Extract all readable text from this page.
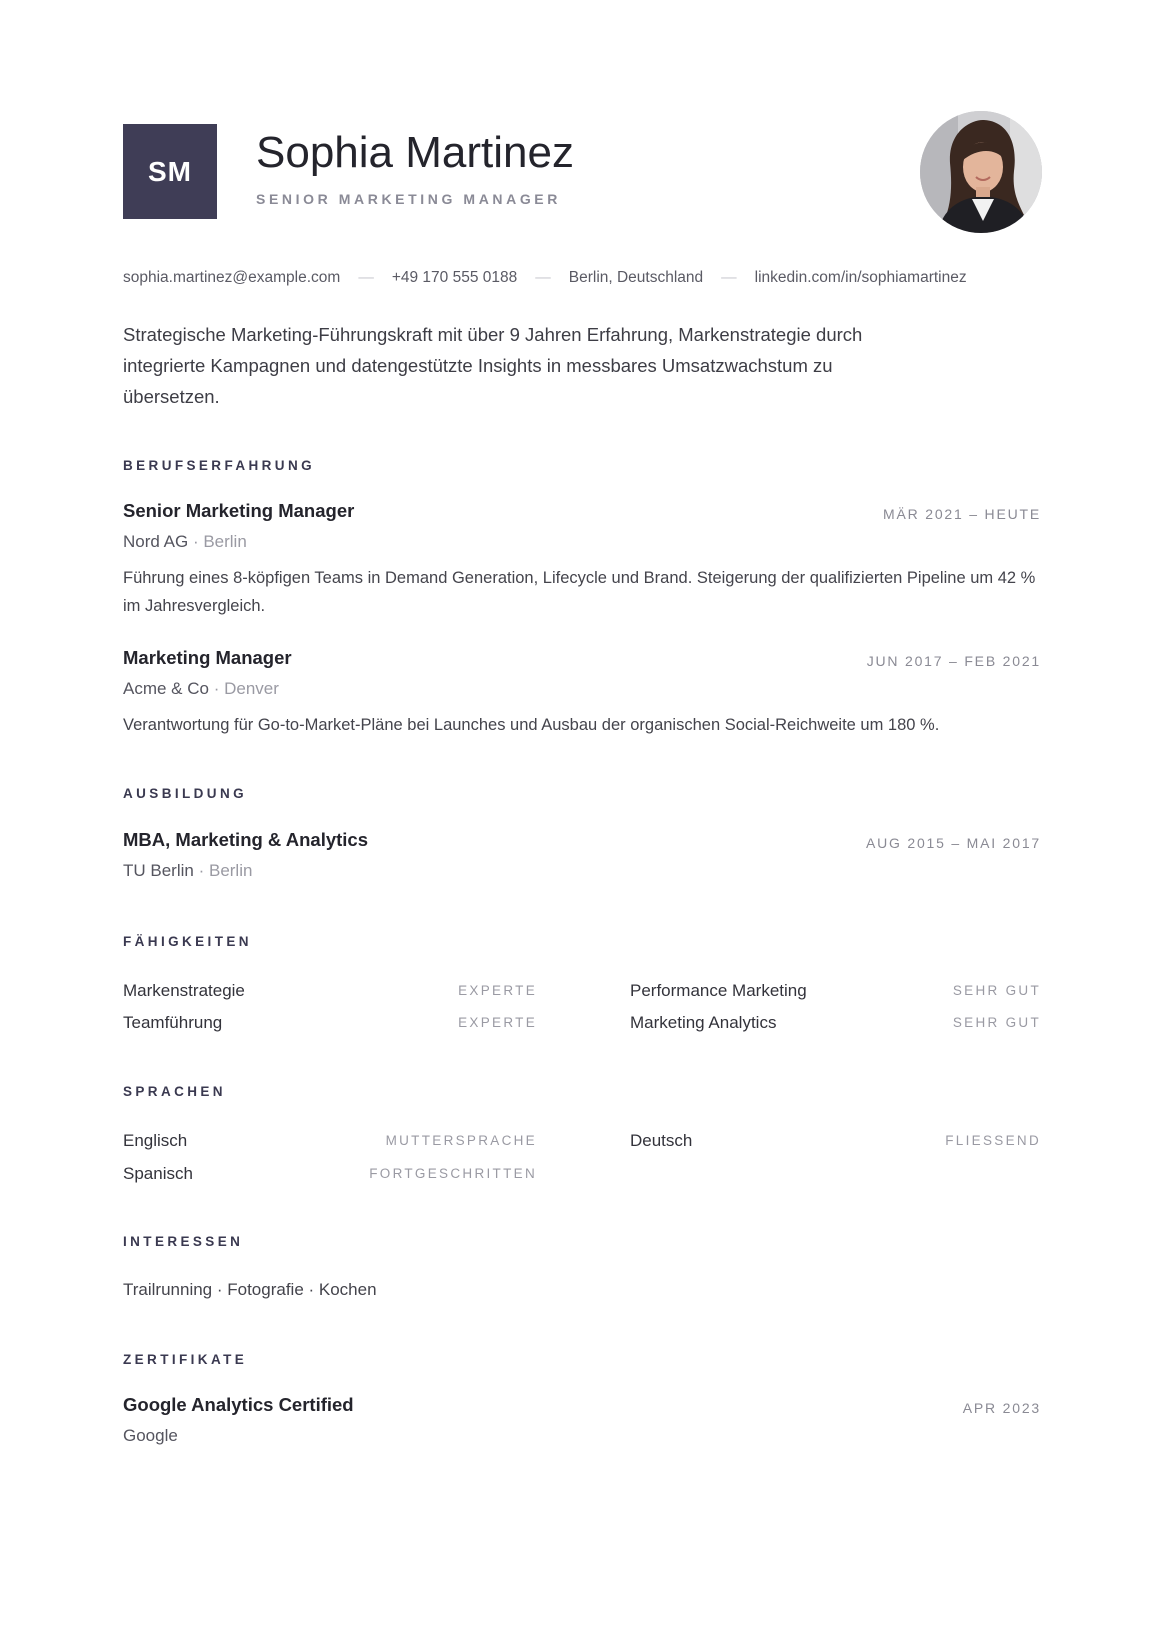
SM	Sophia Martinez
SENIOR MARKETING MANAGER
sophia.martinez@example.com — +49 170 555 0188 — Berlin, Deutschland — linkedin.com/in/sophiamartinez
Strategische Marketing-Führungskraft mit über 9 Jahren Erfahrung, Markenstrategie durch integrierte Kampagnen und datengestützte Insights in messbares Umsatzwachstum zu übersetzen.
BERUFSERFAHRUNG
Senior Marketing Manager	MÄR 2021 – HEUTE
Nord AG · Berlin
Führung eines 8-köpfigen Teams in Demand Generation, Lifecycle und Brand. Steigerung der qualifizierten Pipeline um 42 % im Jahresvergleich.
Marketing Manager	JUN 2017 – FEB 2021
Acme & Co · Denver
Verantwortung für Go-to-Market-Pläne bei Launches und Ausbau der organischen Social-Reichweite um 180 %.
AUSBILDUNG
MBA, Marketing & Analytics	AUG 2015 – MAI 2017
TU Berlin · Berlin
FÄHIGKEITEN
Markenstrategie	EXPERTE	Performance Marketing	SEHR GUT
Teamführung	EXPERTE	Marketing Analytics	SEHR GUT
SPRACHEN
Englisch	MUTTERSPRACHE	Deutsch	FLIESSEND
Spanisch	FORTGESCHRITTEN
INTERESSEN
Trailrunning · Fotografie · Kochen
ZERTIFIKATE
Google Analytics Certified	APR 2023
Google
